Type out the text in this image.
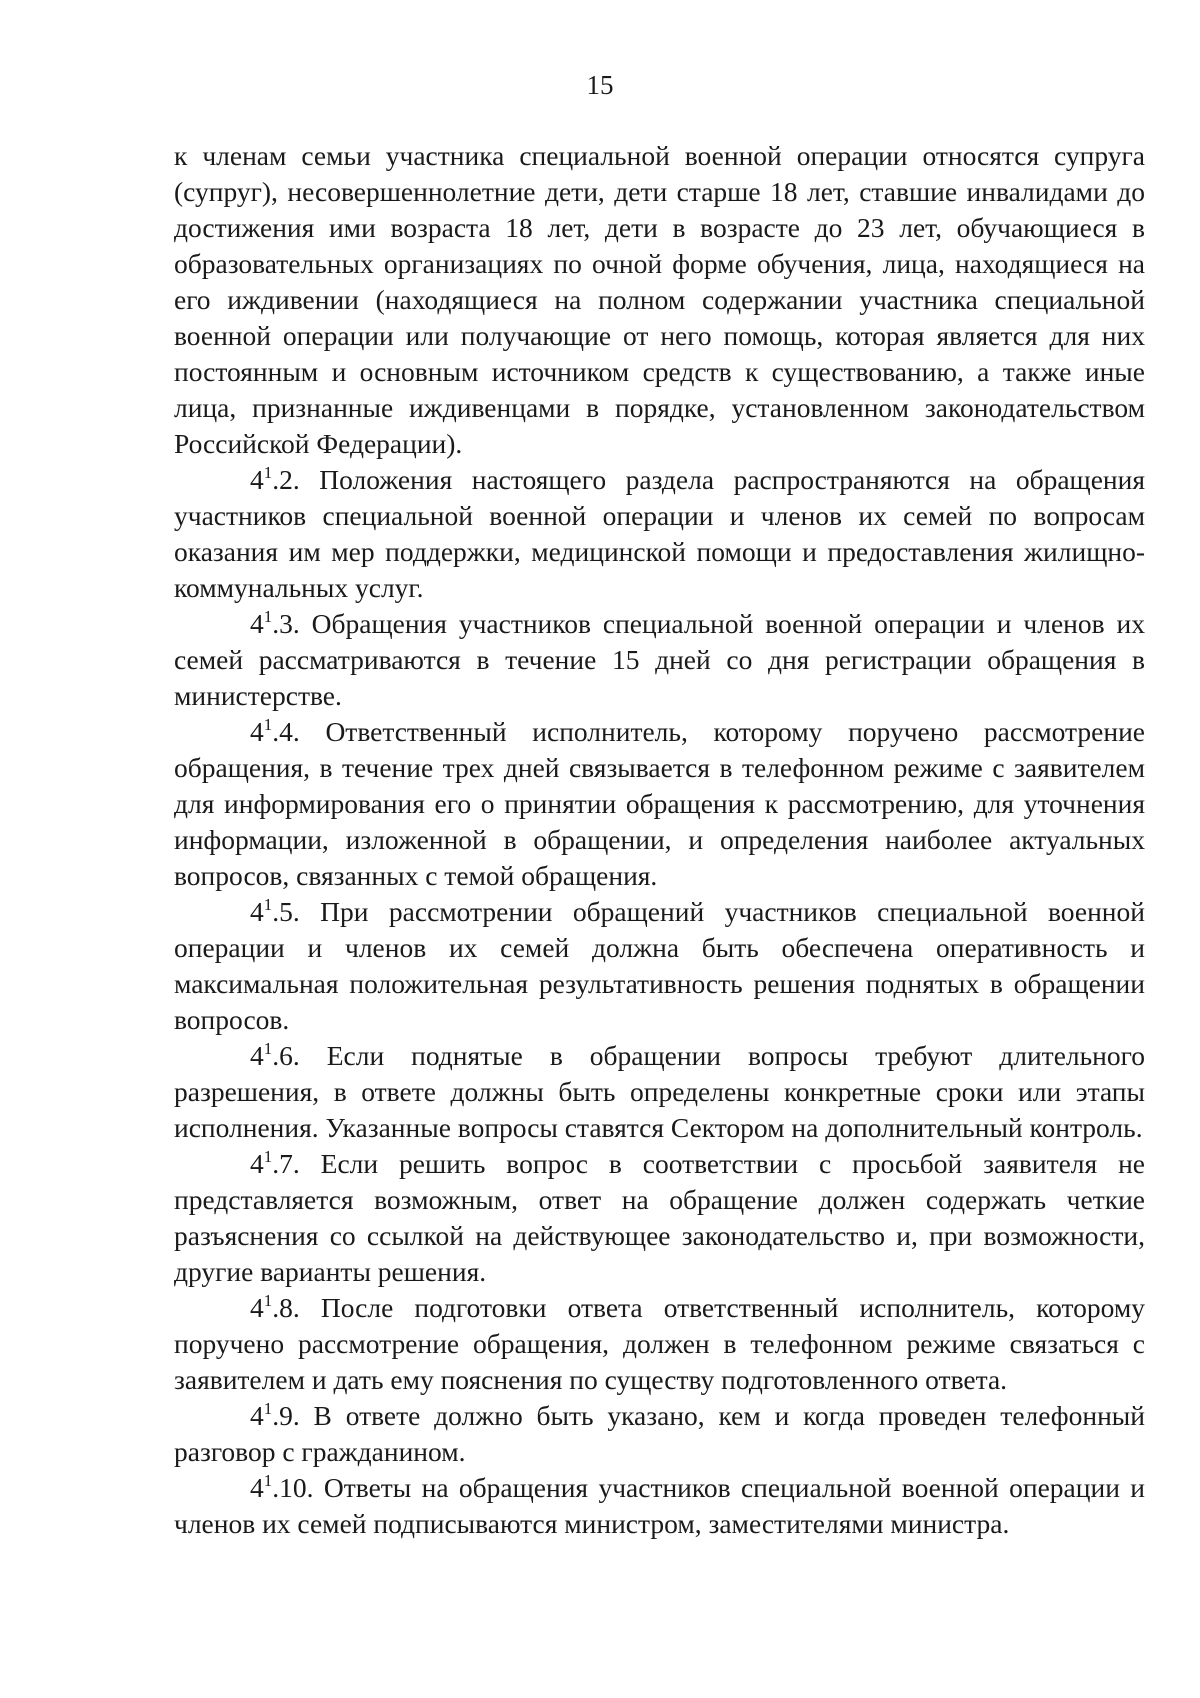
15

к членам семьи участника специальной военной операции относятся супруга (супруг), несовершеннолетние дети, дети старше 18 лет, ставшие инвалидами до достижения ими возраста 18 лет, дети в возрасте до 23 лет, обучающиеся в образовательных организациях по очной форме обучения, лица, находящиеся на его иждивении (находящиеся на полном содержании участника специальной военной операции или получающие от него помощь, которая является для них постоянным и основным источником средств к существованию, а также иные лица, признанные иждивенцами в порядке, установленном законодательством Российской Федерации).

$4^1.2$. Положения настоящего раздела распространяются на обращения участников специальной военной операции и членов их семей по вопросам оказания им мер поддержки, медицинской помощи и предоставления жилищно-коммунальных услуг.

$4^1.3$. Обращения участников специальной военной операции и членов их семей рассматриваются в течение 15 дней со дня регистрации обращения в министерстве.

$4^1.4$. Ответственный исполнитель, которому поручено рассмотрение обращения, в течение трех дней связывается в телефонном режиме с заявителем для информирования его о принятии обращения к рассмотрению, для уточнения информации, изложенной в обращении, и определения наиболее актуальных вопросов, связанных с темой обращения.

$4^1.5$. При рассмотрении обращений участников специальной военной операции и членов их семей должна быть обеспечена оперативность и максимальная положительная результативность решения поднятых в обращении вопросов.

$4^1.6$. Если поднятые в обращении вопросы требуют длительного разрешения, в ответе должны быть определены конкретные сроки или этапы исполнения. Указанные вопросы ставятся Сектором на дополнительный контроль.

$4^1.7$. Если решить вопрос в соответствии с просьбой заявителя не представляется возможным, ответ на обращение должен содержать четкие разъяснения со ссылкой на действующее законодательство и, при возможности, другие варианты решения.

$4^1.8$. После подготовки ответа ответственный исполнитель, которому поручено рассмотрение обращения, должен в телефонном режиме связаться с заявителем и дать ему пояснения по существу подготовленного ответа.

$4^1.9$. В ответе должно быть указано, кем и когда проведен телефонный разговор с гражданином.

$4^1.10$. Ответы на обращения участников специальной военной операции и членов их семей подписываются министром, заместителями министра.
